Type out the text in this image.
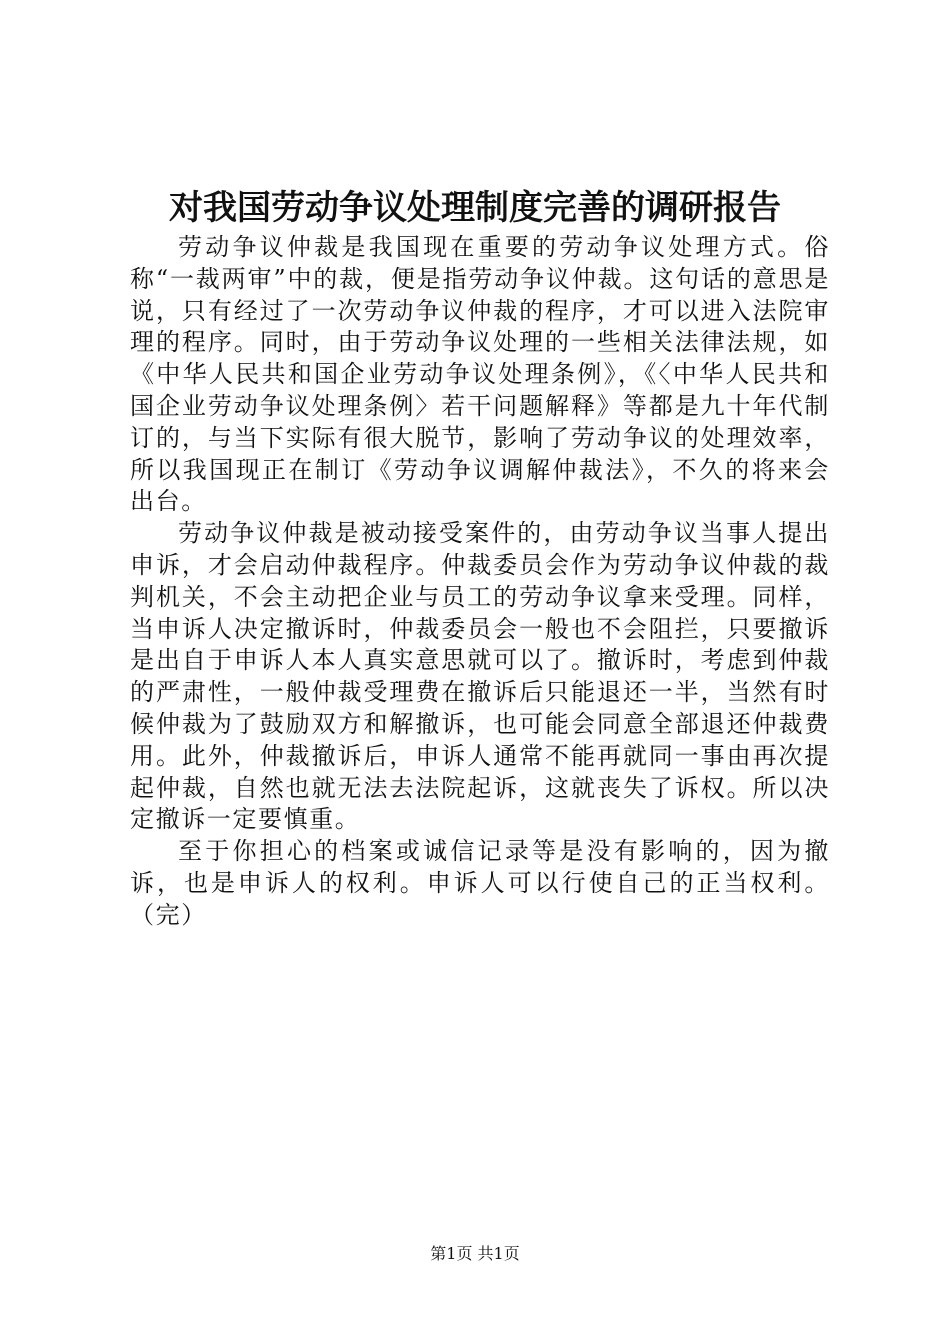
对我国劳动争议处理制度完善的调研报告

劳动争议仲裁是我国现在重要的劳动争议处理方式。俗称“一裁两审”中的裁，便是指劳动争议仲裁。这句话的意思是说，只有经过了一次劳动争议仲裁的程序，才可以进入法院审理的程序。同时，由于劳动争议处理的一些相关法律法规，如《中华人民共和国企业劳动争议处理条例》，《〈中华人民共和国企业劳动争议处理条例〉若干问题解释》等都是九十年代制订的，与当下实际有很大脱节，影响了劳动争议的处理效率，所以我国现正在制订《劳动争议调解仲裁法》，不久的将来会出台。

劳动争议仲裁是被动接受案件的，由劳动争议当事人提出申诉，才会启动仲裁程序。仲裁委员会作为劳动争议仲裁的裁判机关，不会主动把企业与员工的劳动争议拿来受理。同样，当申诉人决定撤诉时，仲裁委员会一般也不会阻拦，只要撤诉是出自于申诉人本人真实意思就可以了。撤诉时，考虑到仲裁的严肃性，一般仲裁受理费在撤诉后只能退还一半，当然有时候仲裁为了鼓励双方和解撤诉，也可能会同意全部退还仲裁费用。此外，仲裁撤诉后，申诉人通常不能再就同一事由再次提起仲裁，自然也就无法去法院起诉，这就丧失了诉权。所以决定撤诉一定要慎重。

至于你担心的档案或诚信记录等是没有影响的，因为撤诉，也是申诉人的权利。申诉人可以行使自己的正当权利。（完）

第1页 共1页
